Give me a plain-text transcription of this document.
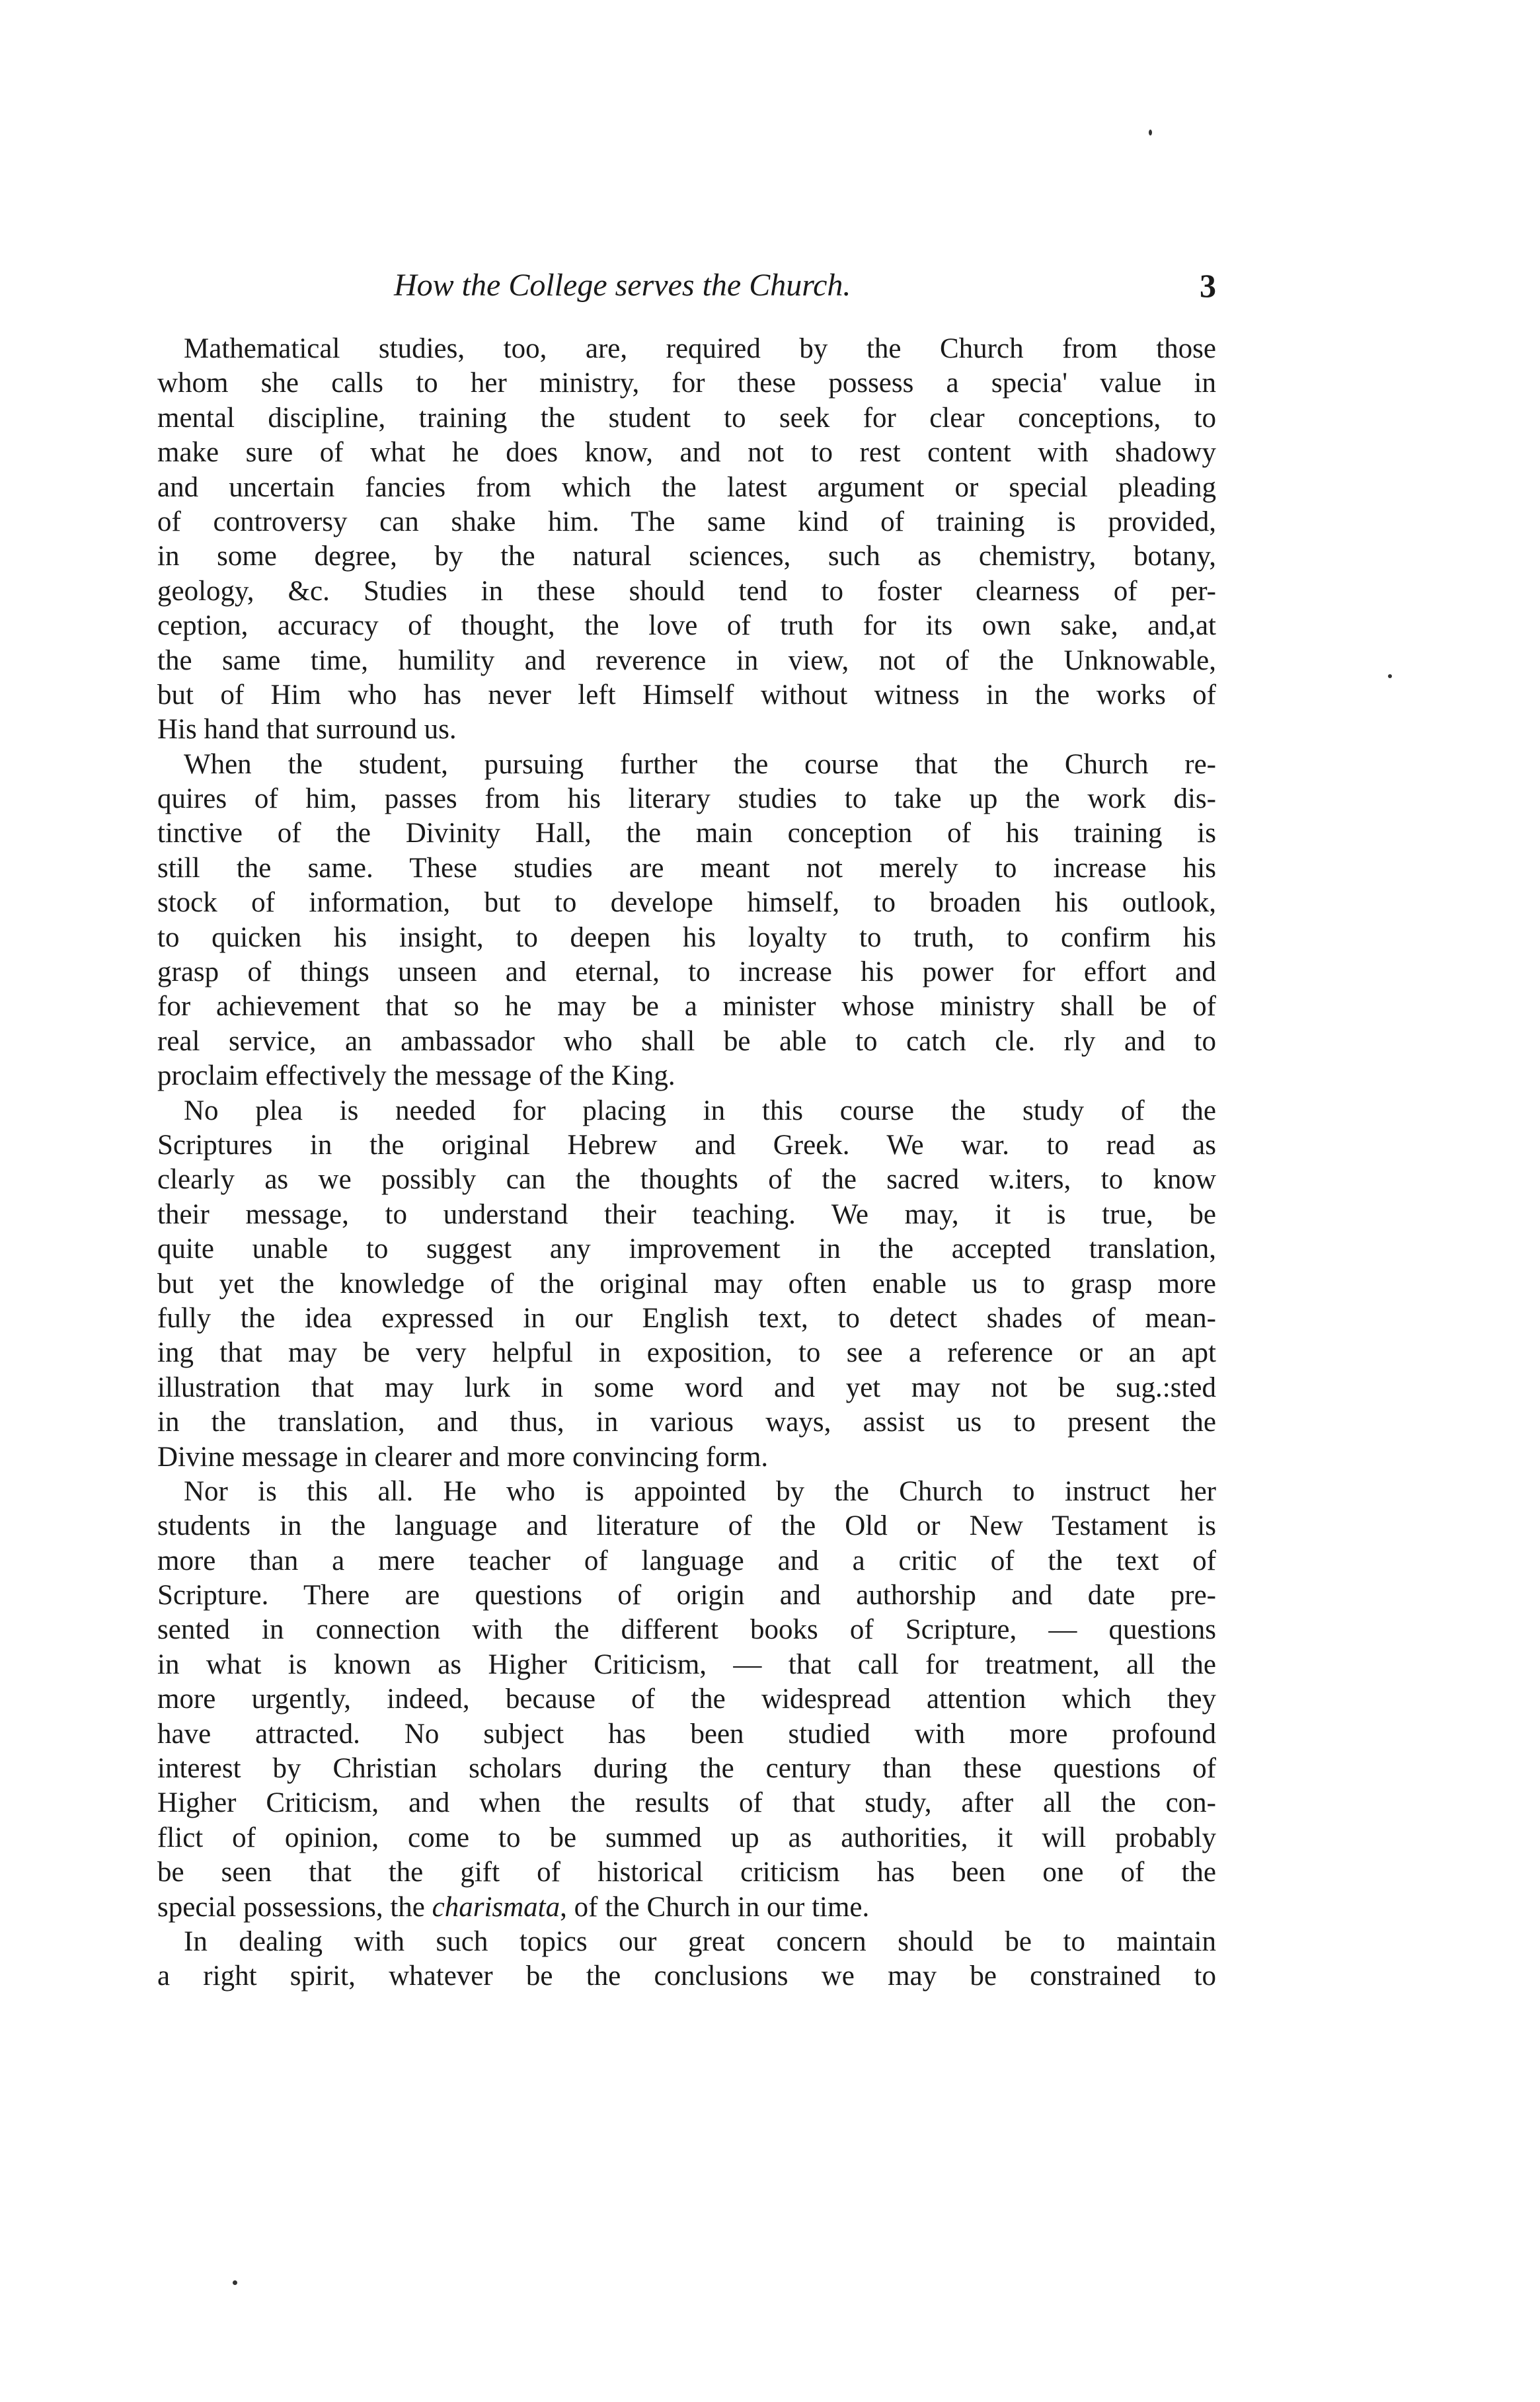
How the College serves the Church.	3
Mathematical studies, too, are, required by the Church from those
whom she calls to her ministry, for these possess a specia' value in
mental discipline, training the student to seek for clear conceptions, to
make sure of what he does know, and not to rest content with shadowy
and uncertain fancies from which the latest argument or special pleading
of controversy can shake him. The same kind of training is provided,
in some degree, by the natural sciences, such as chemistry, botany,
geology, &c. Studies in these should tend to foster clearness of per-
ception, accuracy of thought, the love of truth for its own sake, and,at
the same time, humility and reverence in view, not of the Unknowable,
but of Him who has never left Himself without witness in the works of
His hand that surround us.
When the student, pursuing further the course that the Church re-
quires of him, passes from his literary studies to take up the work dis-
tinctive of the Divinity Hall, the main conception of his training is
still the same. These studies are meant not merely to increase his
stock of information, but to develope himself, to broaden his outlook,
to quicken his insight, to deepen his loyalty to truth, to confirm his
grasp of things unseen and eternal, to increase his power for effort and
for achievement that so he may be a minister whose ministry shall be of
real service, an ambassador who shall be able to catch cle. rly and to
proclaim effectively the message of the King.
No plea is needed for placing in this course the study of the
Scriptures in the original Hebrew and Greek. We war. to read as
clearly as we possibly can the thoughts of the sacred w.iters, to know
their message, to understand their teaching. We may, it is true, be
quite unable to suggest any improvement in the accepted translation,
but yet the knowledge of the original may often enable us to grasp more
fully the idea expressed in our English text, to detect shades of mean-
ing that may be very helpful in exposition, to see a reference or an apt
illustration that may lurk in some word and yet may not be sug.:sted
in the translation, and thus, in various ways, assist us to present the
Divine message in clearer and more convincing form.
Nor is this all. He who is appointed by the Church to instruct her
students in the language and literature of the Old or New Testament is
more than a mere teacher of language and a critic of the text of
Scripture. There are questions of origin and authorship and date pre-
sented in connection with the different books of Scripture, — questions
in what is known as Higher Criticism, — that call for treatment, all the
more urgently, indeed, because of the widespread attention which they
have attracted. No subject has been studied with more profound
interest by Christian scholars during the century than these questions of
Higher Criticism, and when the results of that study, after all the con-
flict of opinion, come to be summed up as authorities, it will probably
be seen that the gift of historical criticism has been one of the
special possessions, the charismata, of the Church in our time.
In dealing with such topics our great concern should be to maintain
a right spirit, whatever be the conclusions we may be constrained to
